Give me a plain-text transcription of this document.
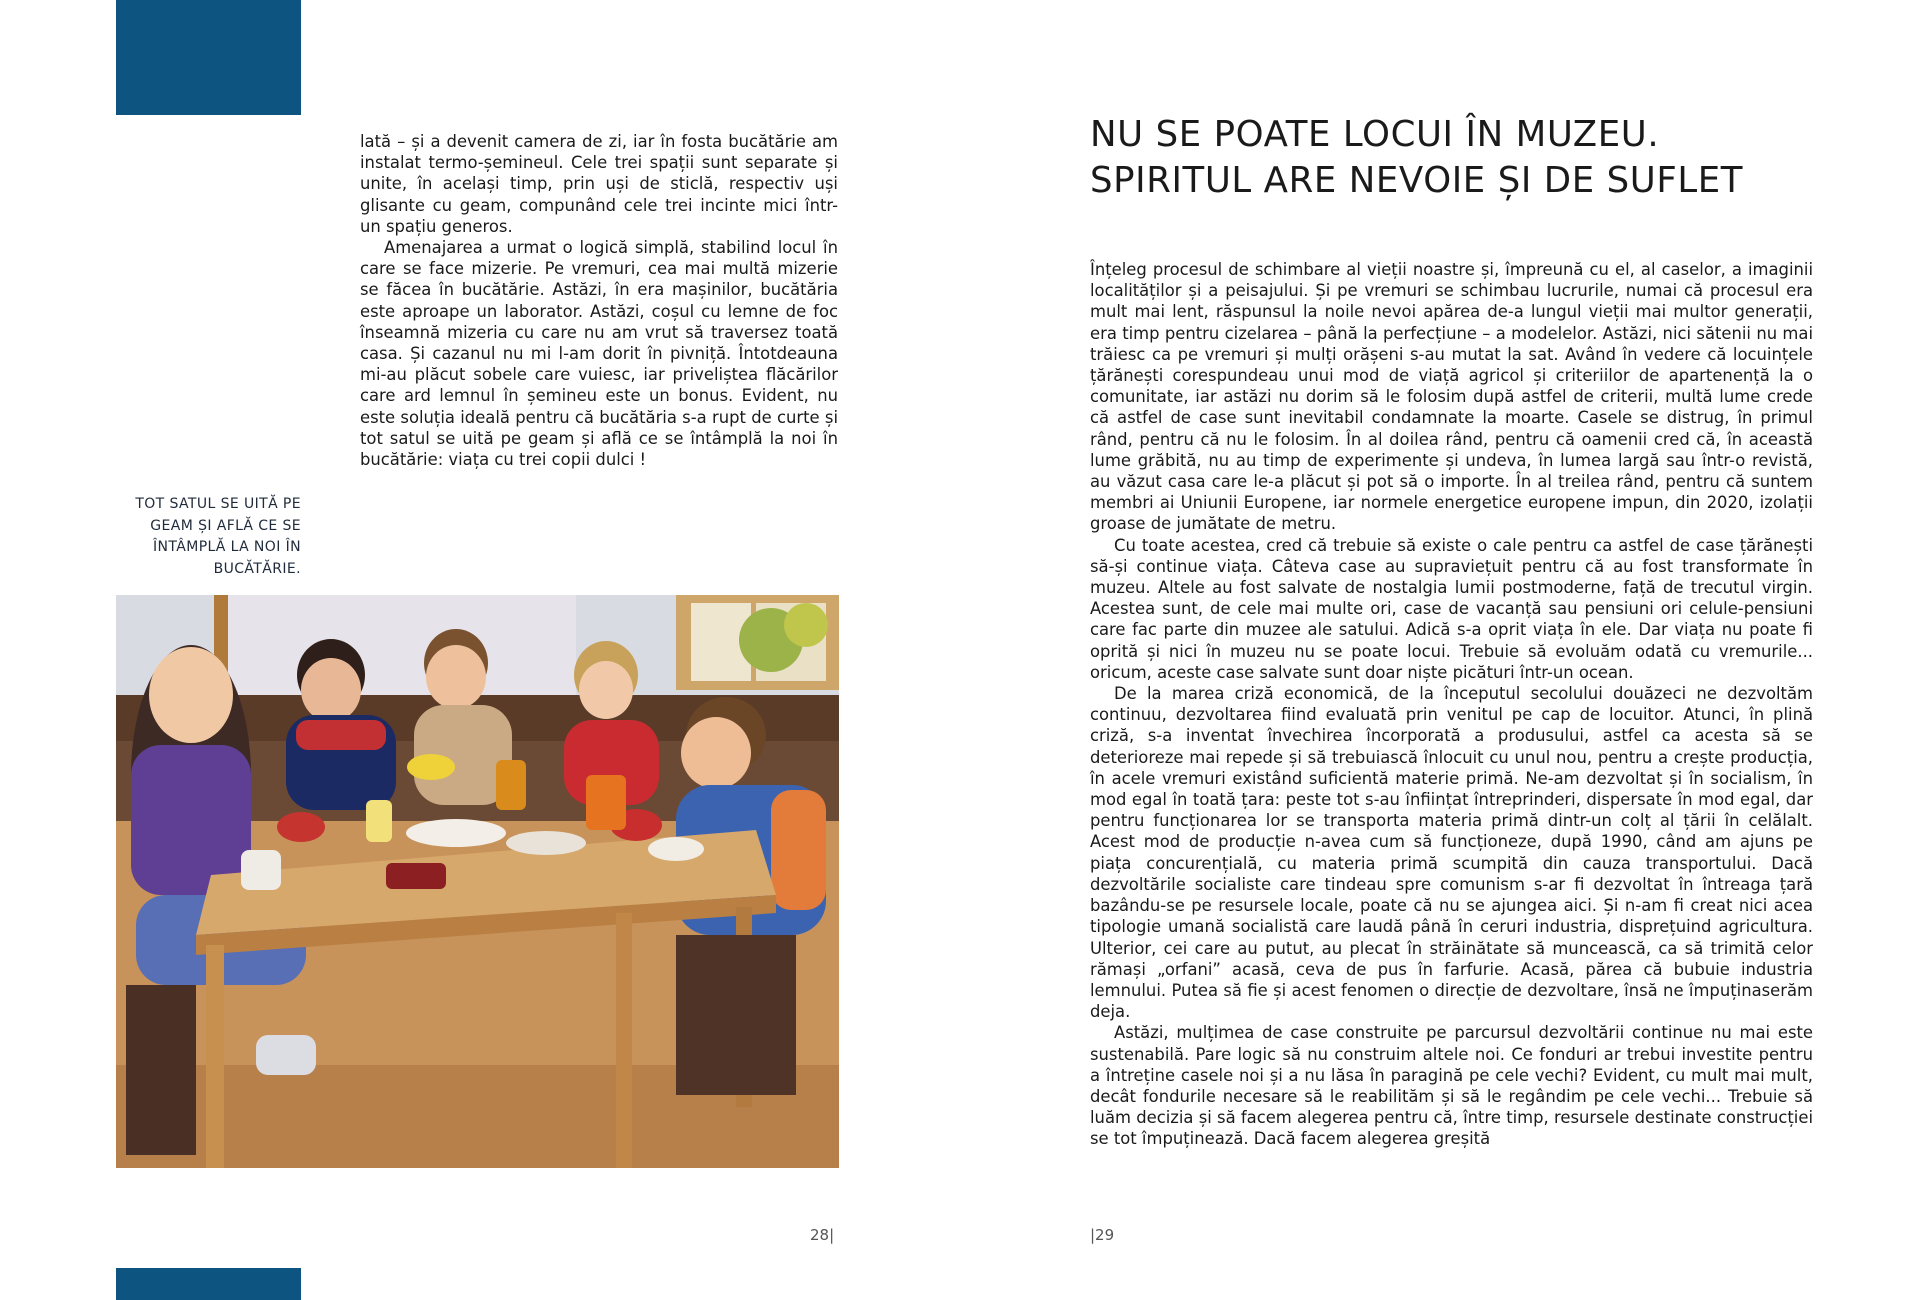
lată – și a devenit camera de zi, iar în fosta bucătărie am instalat termo-șemineul. Cele trei spații sunt separate și unite, în același timp, prin uși de sticlă, respectiv uși glisante cu geam, compunând cele trei incinte mici într-un spațiu generos.

Amenajarea a urmat o logică simplă, stabilind locul în care se face mizerie. Pe vremuri, cea mai multă mizerie se făcea în bucătărie. Astăzi, în era mașinilor, bucătăria este aproape un laborator. Astăzi, coșul cu lemne de foc înseamnă mizeria cu care nu am vrut să traversez toată casa. Și cazanul nu mi l-am dorit în pivniță. Întotdeauna mi-au plăcut sobele care vuiesc, iar priveliștea flăcărilor care ard lemnul în șemineu este un bonus. Evident, nu este soluția ideală pentru că bucătăria s-a rupt de curte și tot satul se uită pe geam și află ce se întâmplă la noi în bucătărie: viața cu trei copii dulci !

TOT SATUL SE UITĂ PE GEAM ȘI AFLĂ CE SE ÎNTÂMPLĂ LA NOI ÎN BUCĂTĂRIE.
NU SE POATE LOCUI ÎN MUZEU.
SPIRITUL ARE NEVOIE ȘI DE SUFLET

Înțeleg procesul de schimbare al vieții noastre și, împreună cu el, al caselor, a imaginii localităților și a peisajului. Și pe vremuri se schimbau lucrurile, numai că procesul era mult mai lent, răspunsul la noile nevoi apărea de-a lungul vieții mai multor generații, era timp pentru cizelarea – până la perfecțiune – a modelelor. Astăzi, nici sătenii nu mai trăiesc ca pe vremuri și mulți orășeni s-au mutat la sat. Având în vedere că locuințele țărănești corespundeau unui mod de viață agricol și criteriilor de apartenență la o comunitate, iar astăzi nu dorim să le folosim după astfel de criterii, multă lume crede că astfel de case sunt inevitabil condamnate la moarte. Casele se distrug, în primul rând, pentru că nu le folosim. În al doilea rând, pentru că oamenii cred că, în această lume grăbită, nu au timp de experimente și undeva, în lumea largă sau într-o revistă, au văzut casa care le-a plăcut și pot să o importe. În al treilea rând, pentru că suntem membri ai Uniunii Europene, iar normele energetice europene impun, din 2020, izolații groase de jumătate de metru.

Cu toate acestea, cred că trebuie să existe o cale pentru ca astfel de case țărănești să-și continue viața. Câteva case au supraviețuit pentru că au fost transformate în muzeu. Altele au fost salvate de nostalgia lumii postmoderne, față de trecutul virgin. Acestea sunt, de cele mai multe ori, case de vacanță sau pensiuni ori celule-pensiuni care fac parte din muzee ale satului. Adică s-a oprit viața în ele. Dar viața nu poate fi oprită și nici în muzeu nu se poate locui. Trebuie să evoluăm odată cu vremurile... oricum, aceste case salvate sunt doar niște picături într-un ocean.

De la marea criză economică, de la începutul secolului douăzeci ne dezvoltăm continuu, dezvoltarea fiind evaluată prin venitul pe cap de locuitor. Atunci, în plină criză, s-a inventat învechirea încorporată a produsului, astfel ca acesta să se deterioreze mai repede și să trebuiască înlocuit cu unul nou, pentru a crește producția, în acele vremuri existând suficientă materie primă. Ne-am dezvoltat și în socialism, în mod egal în toată țara: peste tot s-au înființat întreprinderi, dispersate în mod egal, dar pentru funcționarea lor se transporta materia primă dintr-un colț al țării în celălalt. Acest mod de producție n-avea cum să funcționeze, după 1990, când am ajuns pe piața concurențială, cu materia primă scumpită din cauza transportului. Dacă dezvoltările socialiste care tindeau spre comunism s-ar fi dezvoltat în întreaga țară bazându-se pe resursele locale, poate că nu se ajungea aici. Și n-am fi creat nici acea tipologie umană socialistă care laudă până în ceruri industria, disprețuind agricultura. Ulterior, cei care au putut, au plecat în străinătate să muncească, ca să trimită celor rămași „orfani” acasă, ceva de pus în farfurie. Acasă, părea că bubuie industria lemnului. Putea să fie și acest fenomen o direcție de dezvoltare, însă ne împuținaserăm deja.

Astăzi, mulțimea de case construite pe parcursul dezvoltării continue nu mai este sustenabilă. Pare logic să nu construim altele noi. Ce fonduri ar trebui investite pentru a întreține casele noi și a nu lăsa în paragină pe cele vechi? Evident, cu mult mai mult, decât fondurile necesare să le reabilităm și să le regândim pe cele vechi... Trebuie să luăm decizia și să facem alegerea pentru că, între timp, resursele destinate construcției se tot împuținează. Dacă facem alegerea greșită

28|	|29
